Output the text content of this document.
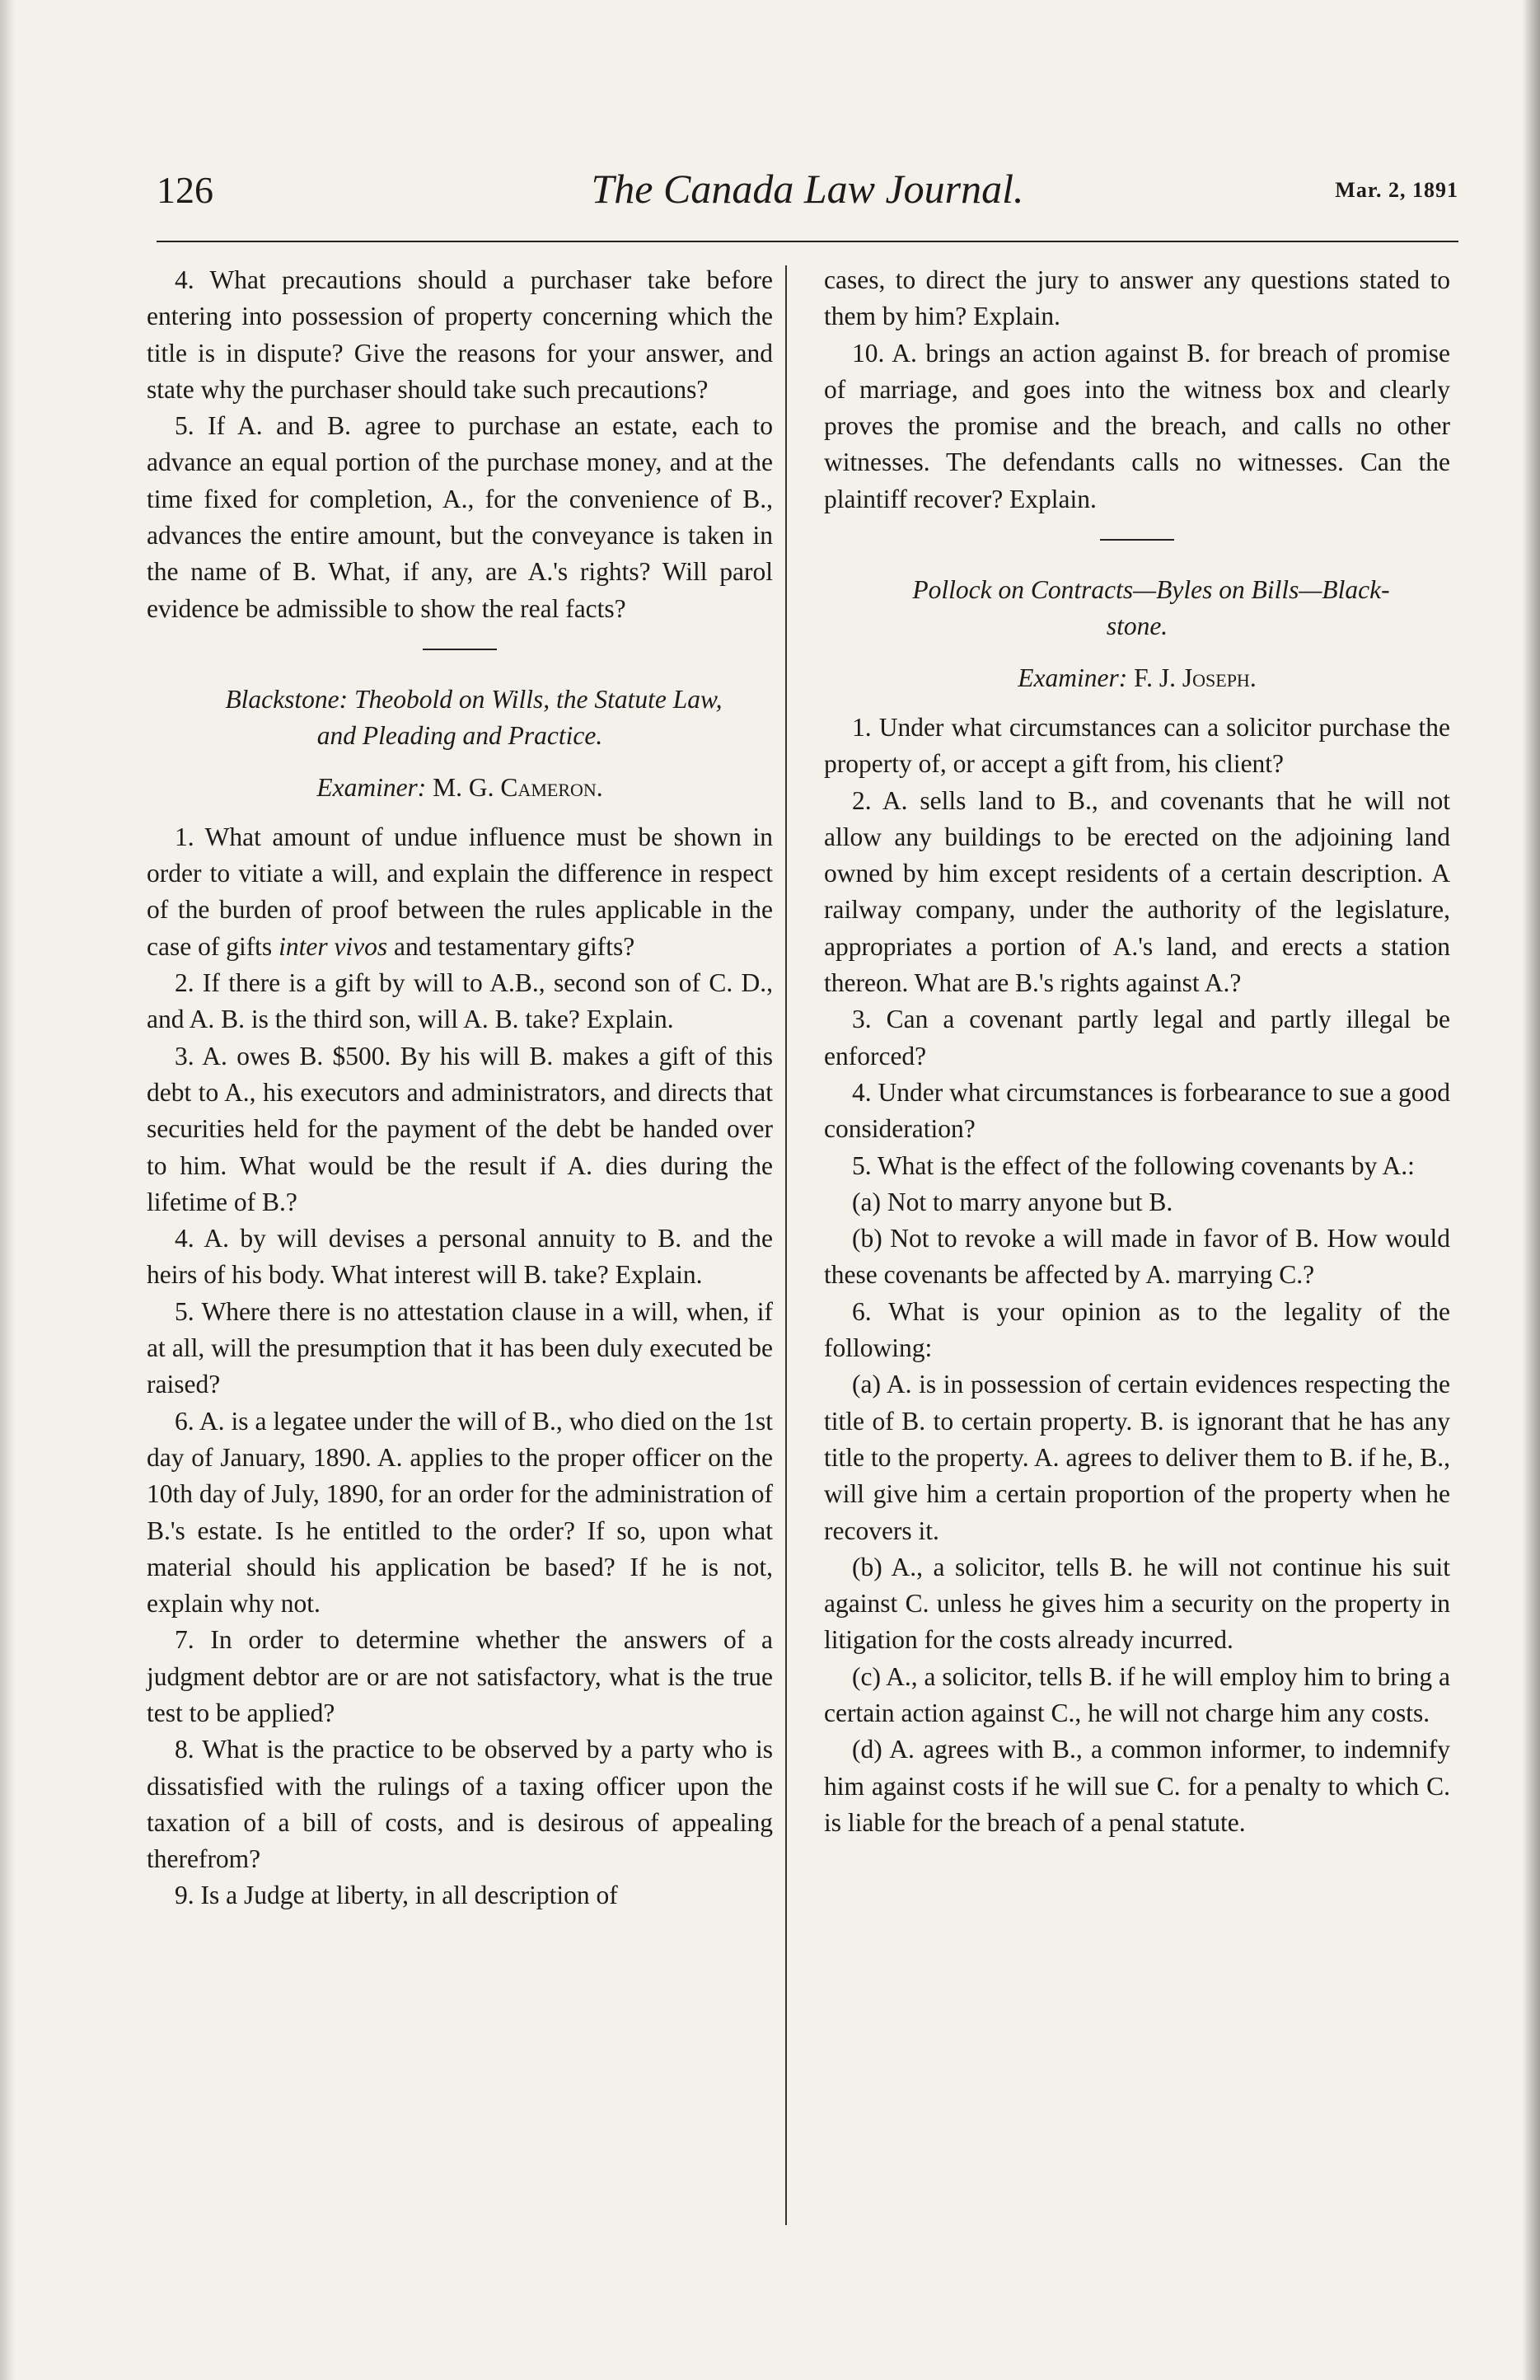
126	The Canada Law Journal.	Mar. 2, 1891

4. What precautions should a purchaser take before entering into possession of property concerning which the title is in dispute? Give the reasons for your answer, and state why the purchaser should take such precautions?

5. If A. and B. agree to purchase an estate, each to advance an equal portion of the purchase money, and at the time fixed for completion, A., for the convenience of B., advances the entire amount, but the conveyance is taken in the name of B. What, if any, are A.'s rights? Will parol evidence be admissible to show the real facts?

Blackstone: Theobold on Wills, the Statute Law,
and Pleading and Practice.

Examiner: M. G. Cameron.

1. What amount of undue influence must be shown in order to vitiate a will, and explain the difference in respect of the burden of proof between the rules applicable in the case of gifts inter vivos and testamentary gifts?

2. If there is a gift by will to A.B., second son of C. D., and A. B. is the third son, will A. B. take? Explain.

3. A. owes B. $500. By his will B. makes a gift of this debt to A., his executors and administrators, and directs that securities held for the payment of the debt be handed over to him. What would be the result if A. dies during the lifetime of B.?

4. A. by will devises a personal annuity to B. and the heirs of his body. What interest will B. take? Explain.

5. Where there is no attestation clause in a will, when, if at all, will the presumption that it has been duly executed be raised?

6. A. is a legatee under the will of B., who died on the 1st day of January, 1890. A. applies to the proper officer on the 10th day of July, 1890, for an order for the administration of B.'s estate. Is he entitled to the order? If so, upon what material should his application be based? If he is not, explain why not.

7. In order to determine whether the answers of a judgment debtor are or are not satisfactory, what is the true test to be applied?

8. What is the practice to be observed by a party who is dissatisfied with the rulings of a taxing officer upon the taxation of a bill of costs, and is desirous of appealing therefrom?

9. Is a Judge at liberty, in all description of

cases, to direct the jury to answer any questions stated to them by him? Explain.

10. A. brings an action against B. for breach of promise of marriage, and goes into the witness box and clearly proves the promise and the breach, and calls no other witnesses. The defendants calls no witnesses. Can the plaintiff recover? Explain.

Pollock on Contracts—Byles on Bills—Black-
stone.

Examiner: F. J. Joseph.

1. Under what circumstances can a solicitor purchase the property of, or accept a gift from, his client?

2. A. sells land to B., and covenants that he will not allow any buildings to be erected on the adjoining land owned by him except residents of a certain description. A railway company, under the authority of the legislature, appropriates a portion of A.'s land, and erects a station thereon. What are B.'s rights against A.?

3. Can a covenant partly legal and partly illegal be enforced?

4. Under what circumstances is forbearance to sue a good consideration?

5. What is the effect of the following covenants by A.:

(a) Not to marry anyone but B.

(b) Not to revoke a will made in favor of B. How would these covenants be affected by A. marrying C.?

6. What is your opinion as to the legality of the following:

(a) A. is in possession of certain evidences respecting the title of B. to certain property. B. is ignorant that he has any title to the property. A. agrees to deliver them to B. if he, B., will give him a certain proportion of the property when he recovers it.

(b) A., a solicitor, tells B. he will not continue his suit against C. unless he gives him a security on the property in litigation for the costs already incurred.

(c) A., a solicitor, tells B. if he will employ him to bring a certain action against C., he will not charge him any costs.

(d) A. agrees with B., a common informer, to indemnify him against costs if he will sue C. for a penalty to which C. is liable for the breach of a penal statute.
